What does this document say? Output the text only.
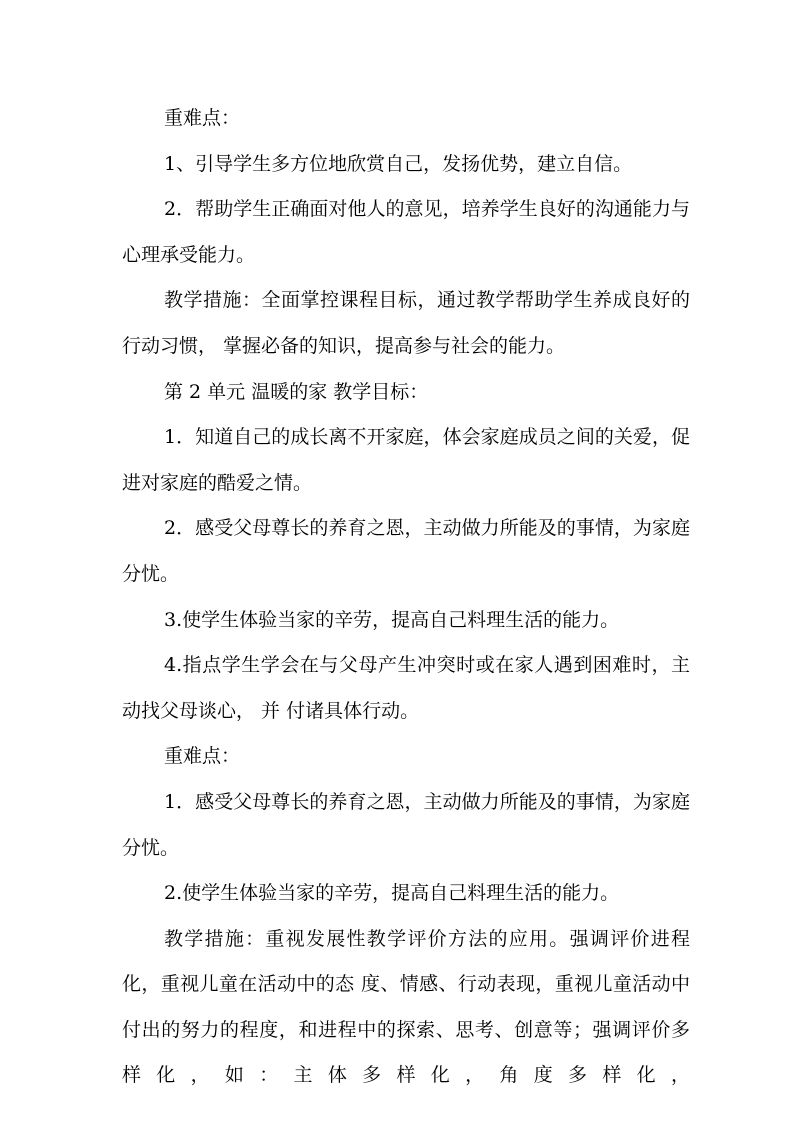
重难点：

1、引导学生多方位地欣赏自己，发扬优势，建立自信。

2．帮助学生正确面对他人的意见，培养学生良好的沟通能力与心理承受能力。

教学措施：全面掌控课程目标，通过教学帮助学生养成良好的行动习惯， 掌握必备的知识，提高参与社会的能力。

第 2 单元 温暖的家 教学目标：

1．知道自己的成长离不开家庭，体会家庭成员之间的关爱，促进对家庭的酷爱之情。

2．感受父母尊长的养育之恩，主动做力所能及的事情，为家庭分忧。

3.使学生体验当家的辛劳，提高自己料理生活的能力。

4.指点学生学会在与父母产生冲突时或在家人遇到困难时，主动找父母谈心， 并 付诸具体行动。

重难点：

1．感受父母尊长的养育之恩，主动做力所能及的事情，为家庭分忧。

2.使学生体验当家的辛劳，提高自己料理生活的能力。

教学措施：重视发展性教学评价方法的应用。强调评价进程化，重视儿童在活动中的态 度、情感、行动表现，重视儿童活动中付出的努力的程度，和进程中的探索、思考、创意等；强调评价多样化，如：主体多样化，角度多样化，
